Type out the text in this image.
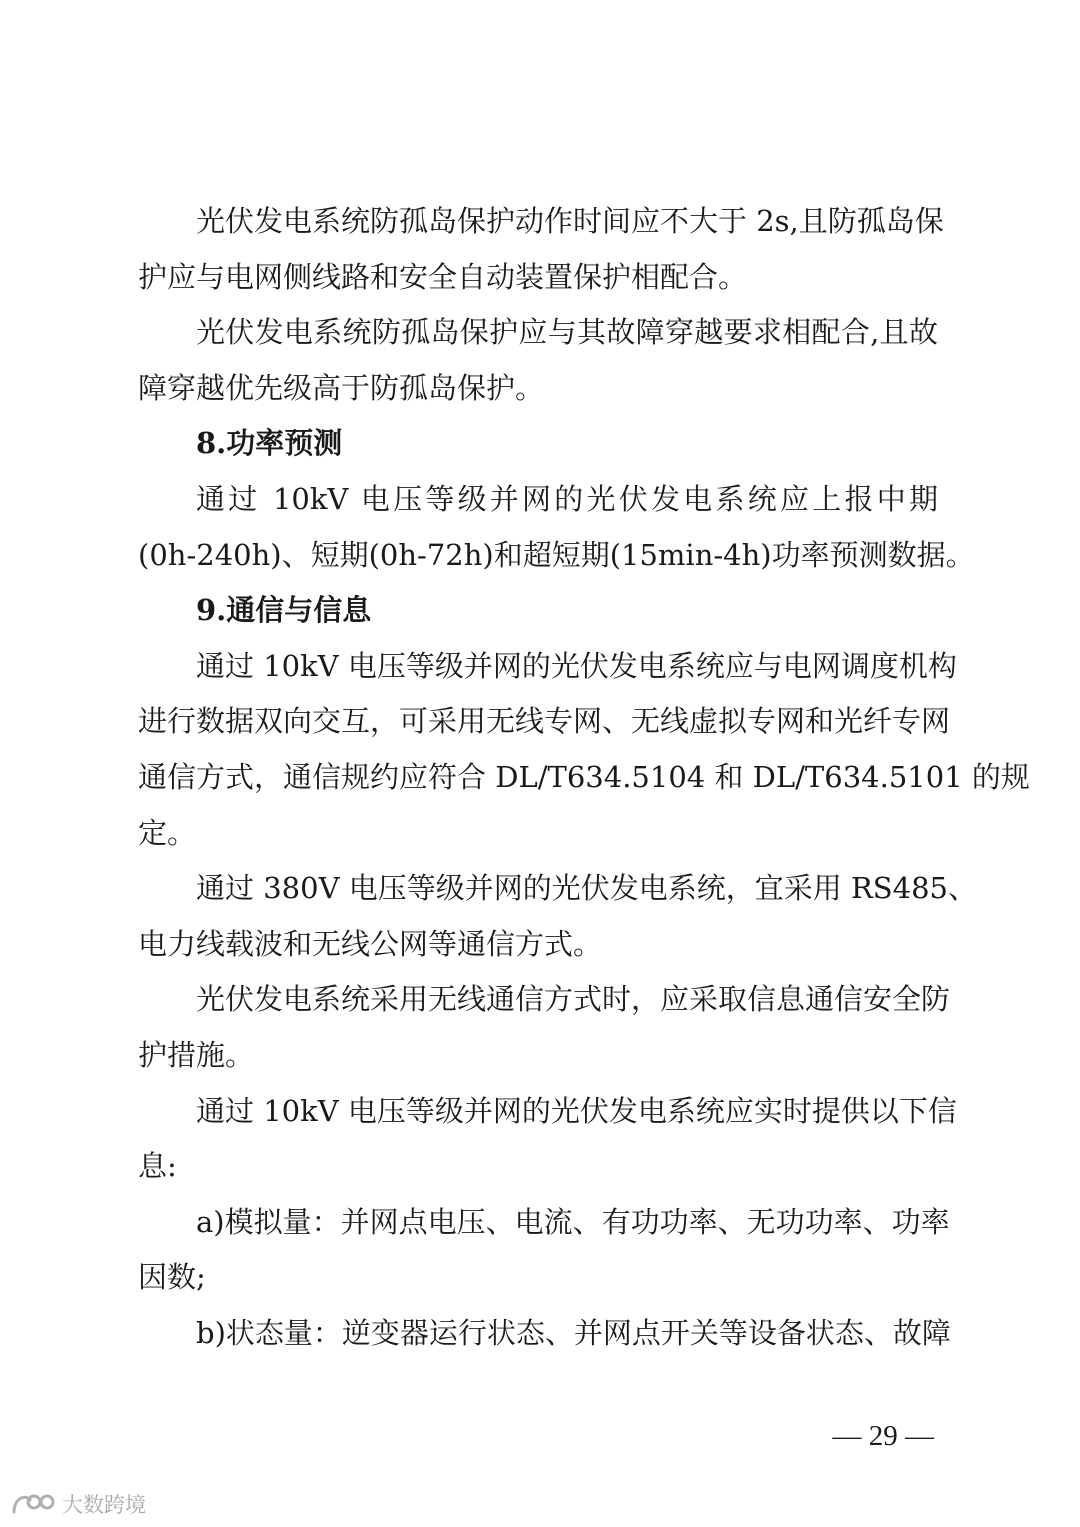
光伏发电系统防孤岛保护动作时间应不大于 2s,且防孤岛保
护应与电网侧线路和安全自动装置保护相配合。
光伏发电系统防孤岛保护应与其故障穿越要求相配合,且故
障穿越优先级高于防孤岛保护。
8.功率预测
通过 10kV 电压等级并网的光伏发电系统应上报中期
(0h-240h)、短期(0h-72h)和超短期(15min-4h)功率预测数据。
9.通信与信息
通过 10kV 电压等级并网的光伏发电系统应与电网调度机构
进行数据双向交互，可采用无线专网、无线虚拟专网和光纤专网
通信方式，通信规约应符合 DL/T634.5104 和 DL/T634.5101 的规
定。
通过 380V 电压等级并网的光伏发电系统，宜采用 RS485、
电力线载波和无线公网等通信方式。
光伏发电系统采用无线通信方式时，应采取信息通信安全防
护措施。
通过 10kV 电压等级并网的光伏发电系统应实时提供以下信
息:
a)模拟量：并网点电压、电流、有功功率、无功功率、功率
因数;
b)状态量：逆变器运行状态、并网点开关等设备状态、故障
— 29 —
大数跨境
